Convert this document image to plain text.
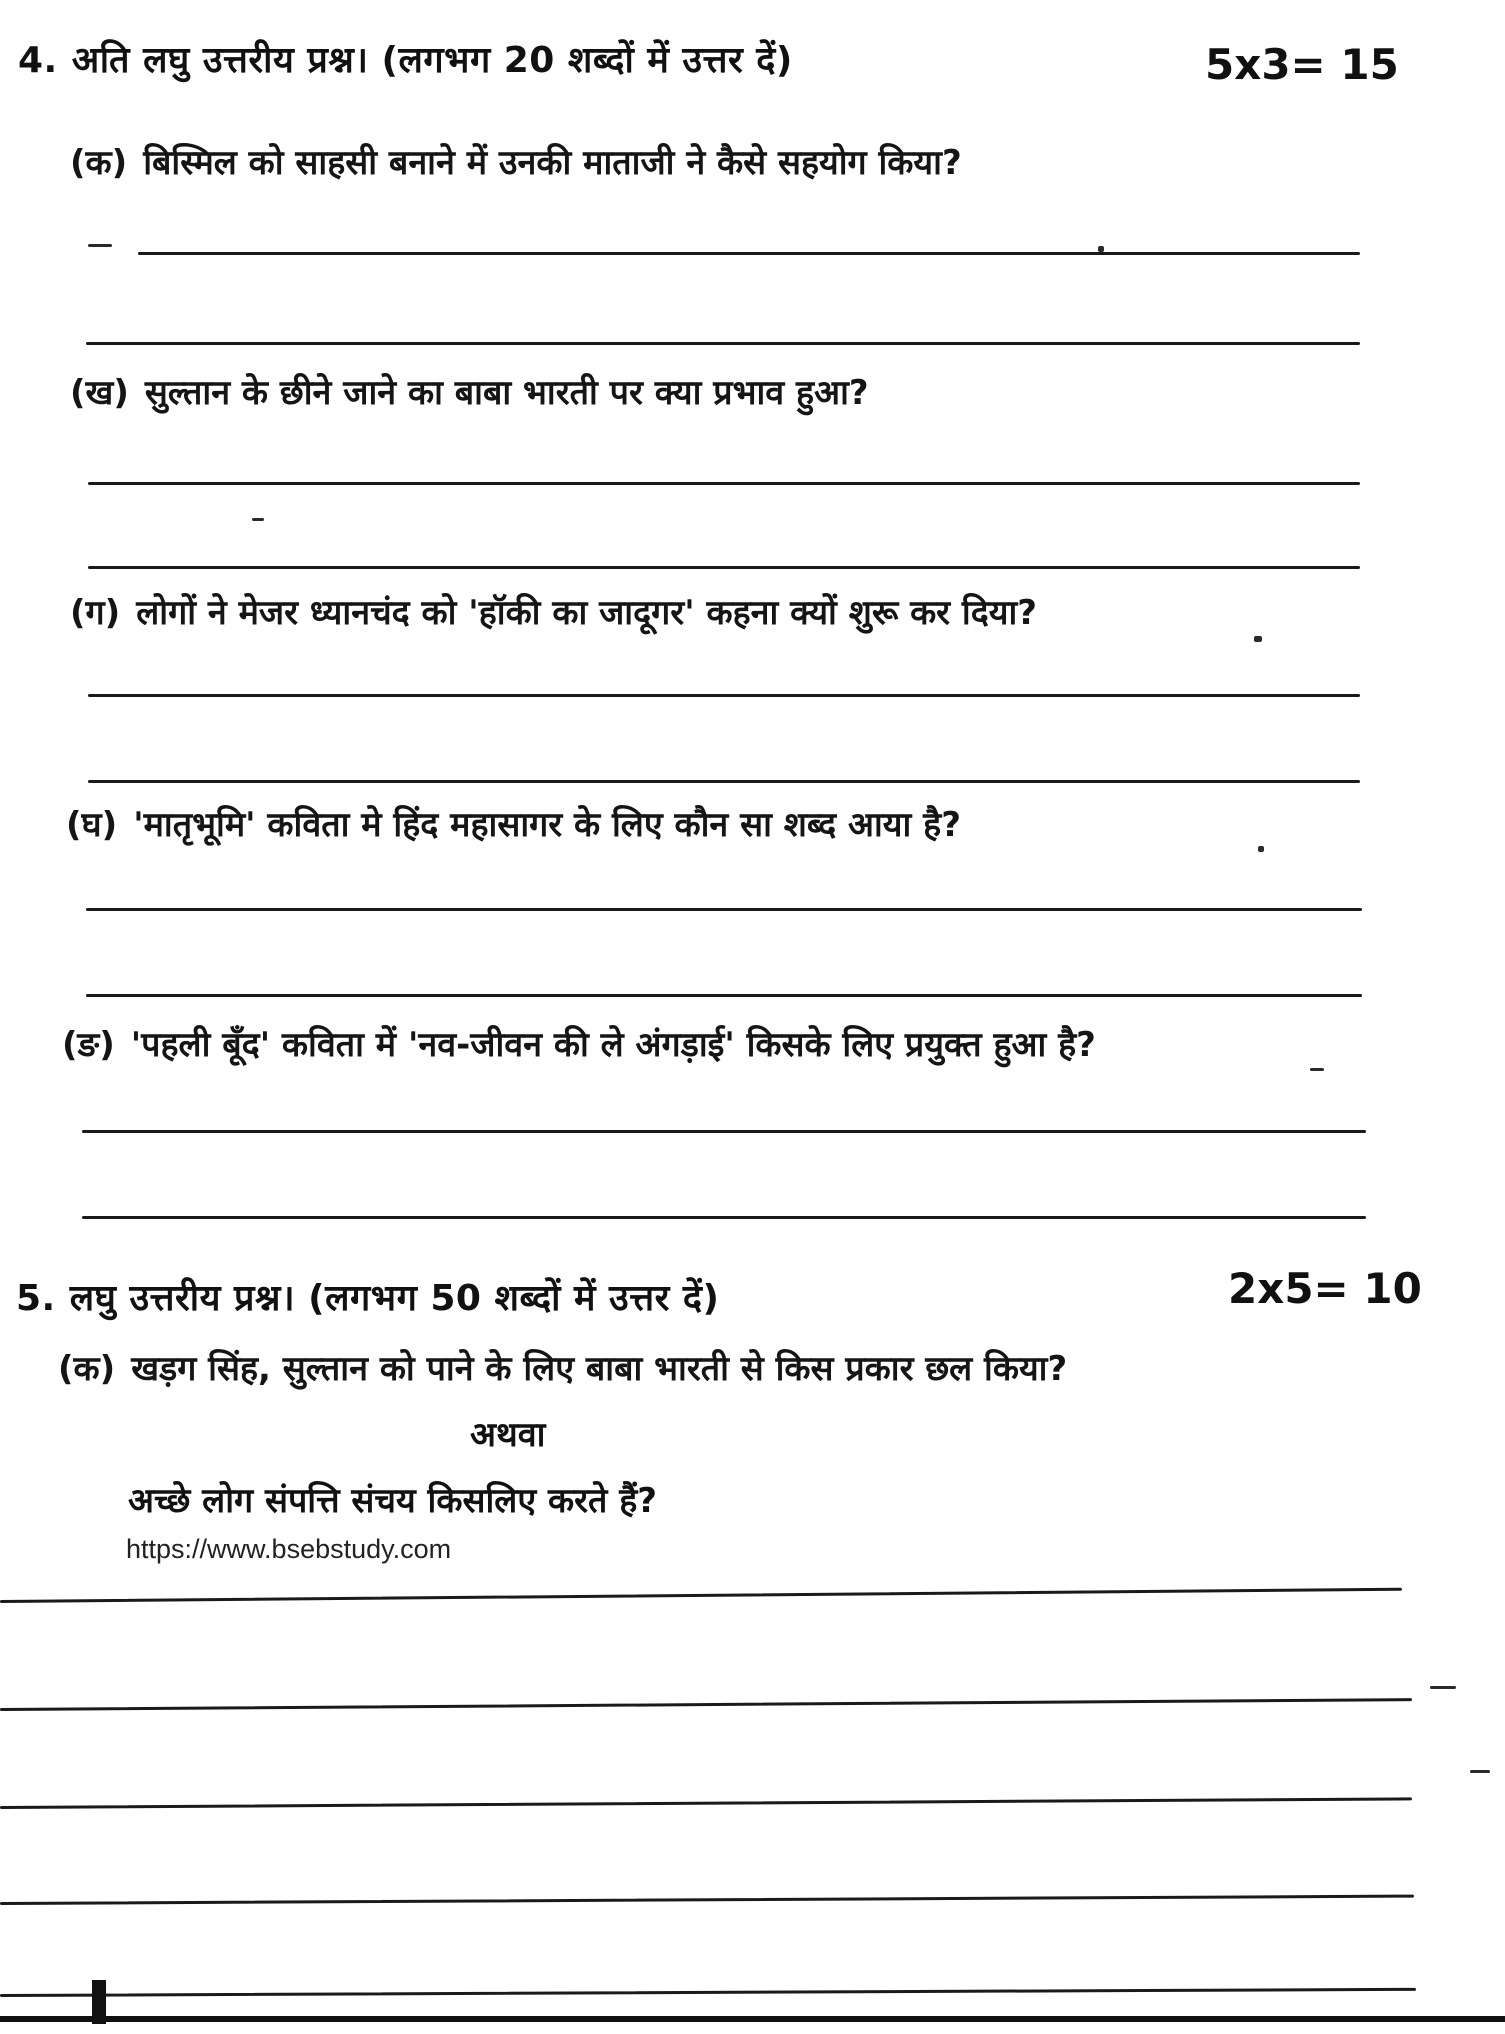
4. अति लघु उत्तरीय प्रश्न। (लगभग 20 शब्दों में उत्तर दें)	5x3= 15
(क) बिस्मिल को साहसी बनाने में उनकी माताजी ने कैसे सहयोग किया?
(ख) सुल्तान के छीने जाने का बाबा भारती पर क्या प्रभाव हुआ?
(ग) लोगों ने मेजर ध्यानचंद को 'हॉकी का जादूगर' कहना क्यों शुरू कर दिया?
(घ) 'मातृभूमि' कविता मे हिंद महासागर के लिए कौन सा शब्द आया है?
(ङ) 'पहली बूँद' कविता में 'नव-जीवन की ले अंगड़ाई' किसके लिए प्रयुक्त हुआ है?
5. लघु उत्तरीय प्रश्न। (लगभग 50 शब्दों में उत्तर दें)	2x5= 10
(क) खड़ग सिंह, सुल्तान को पाने के लिए बाबा भारती से किस प्रकार छल किया?
अथवा
अच्छे लोग संपत्ति संचय किसलिए करते हैं?
https://www.bsebstudy.com
